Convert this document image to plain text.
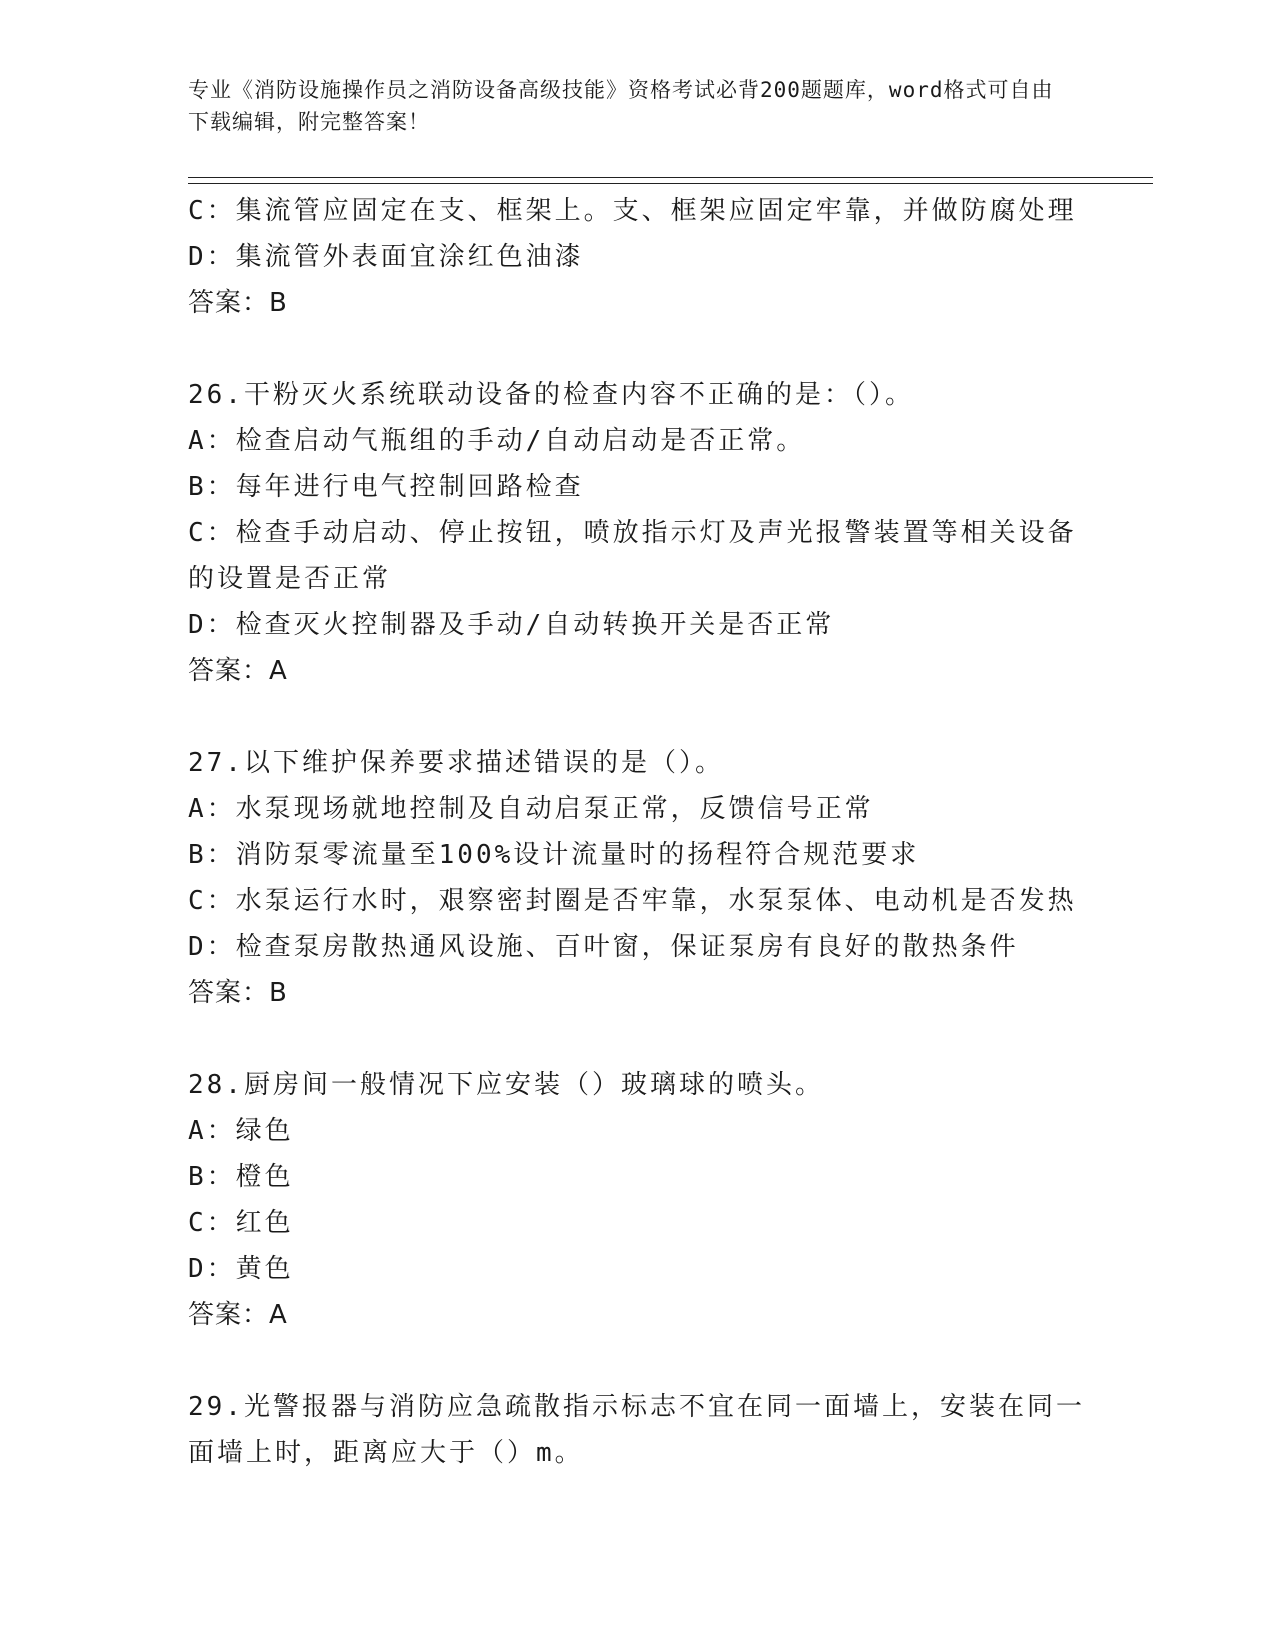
专业《消防设施操作员之消防设备高级技能》资格考试必背200题题库，word格式可自由下载编辑，附完整答案！
C：集流管应固定在支、框架上。支、框架应固定牢靠，并做防腐处理
D：集流管外表面宜涂红色油漆
答案：B
26.干粉灭火系统联动设备的检查内容不正确的是：（）。
A：检查启动气瓶组的手动/自动启动是否正常。
B：每年进行电气控制回路检查
C：检查手动启动、停止按钮，喷放指示灯及声光报警装置等相关设备
的设置是否正常
D：检查灭火控制器及手动/自动转换开关是否正常
答案：A
27.以下维护保养要求描述错误的是（）。
A：水泵现场就地控制及自动启泵正常，反馈信号正常
B：消防泵零流量至100%设计流量时的扬程符合规范要求
C：水泵运行水时，艰察密封圈是否牢靠，水泵泵体、电动机是否发热
D：检查泵房散热通风设施、百叶窗，保证泵房有良好的散热条件
答案：B
28.厨房间一般情况下应安装（）玻璃球的喷头。
A：绿色
B：橙色
C：红色
D：黄色
答案：A
29.光警报器与消防应急疏散指示标志不宜在同一面墙上，安装在同一
面墙上时，距离应大于（）m。
